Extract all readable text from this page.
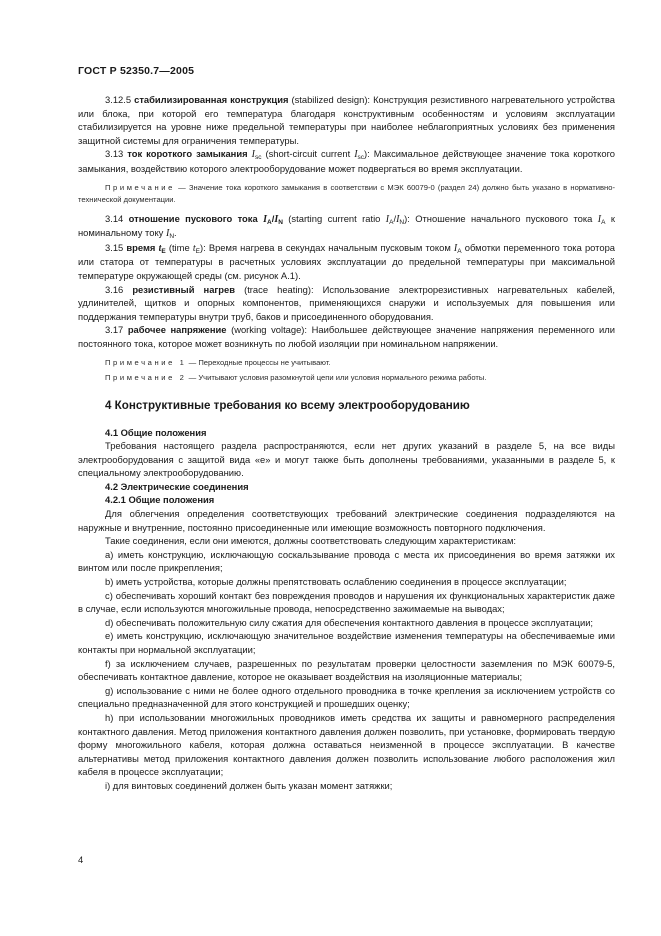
ГОСТ Р 52350.7—2005

3.12.5 стабилизированная конструкция (stabilized design): Конструкция резистивного нагревательного устройства или блока, при которой его температура благодаря конструктивным особенностям и условиям эксплуатации стабилизируется на уровне ниже предельной температуры при наиболее неблагоприятных условиях без применения защитной системы для ограничения температуры.

3.13 ток короткого замыкания $I_{sc}$ (short-circuit current $I_{sc}$): Максимальное действующее значение тока короткого замыкания, воздействию которого электрооборудование может подвергаться во время эксплуатации.

Примечание — Значение тока короткого замыкания в соответствии с МЭК 60079-0 (раздел 24) должно быть указано в нормативно-технической документации.

3.14 отношение пускового тока $I_A/I_N$ (starting current ratio $I_A/I_N$): Отношение начального пускового тока $I_A$ к номинальному току $I_N$.

3.15 время $t_E$ (time $t_E$): Время нагрева в секундах начальным пусковым током $I_A$ обмотки переменного тока ротора или статора от температуры в расчетных условиях эксплуатации до предельной температуры при максимальной температуре окружающей среды (см. рисунок А.1).

3.16 резистивный нагрев (trace heating): Использование электрорезистивных нагревательных кабелей, удлинителей, щитков и опорных компонентов, применяющихся снаружи и используемых для повышения или поддержания температуры внутри труб, баков и присоединенного оборудования.

3.17 рабочее напряжение (working voltage): Наибольшее действующее значение напряжения переменного или постоянного тока, которое может возникнуть по любой изоляции при номинальном напряжении.

Примечание 1 — Переходные процессы не учитывают.

Примечание 2 — Учитывают условия разомкнутой цепи или условия нормального режима работы.

4 Конструктивные требования ко всему электрооборудованию

4.1 Общие положения

Требования настоящего раздела распространяются, если нет других указаний в разделе 5, на все виды электрооборудования с защитой вида «е» и могут также быть дополнены требованиями, указанными в разделе 5, к специальному электрооборудованию.

4.2 Электрические соединения

4.2.1 Общие положения

Для облегчения определения соответствующих требований электрические соединения подразделяются на наружные и внутренние, постоянно присоединенные или имеющие возможность повторного подключения.

Такие соединения, если они имеются, должны соответствовать следующим характеристикам:

a) иметь конструкцию, исключающую соскальзывание провода с места их присоединения во время затяжки их винтом или после прикрепления;

b) иметь устройства, которые должны препятствовать ослаблению соединения в процессе эксплуатации;

c) обеспечивать хороший контакт без повреждения проводов и нарушения их функциональных характеристик даже в случае, если используются многожильные провода, непосредственно зажимаемые на выводах;

d) обеспечивать положительную силу сжатия для обеспечения контактного давления в процессе эксплуатации;

e) иметь конструкцию, исключающую значительное воздействие изменения температуры на обеспечиваемые ими контакты при нормальной эксплуатации;

f) за исключением случаев, разрешенных по результатам проверки целостности заземления по МЭК 60079-5, обеспечивать контактное давление, которое не оказывает воздействия на изоляционные материалы;

g) использование с ними не более одного отдельного проводника в точке крепления за исключением устройств со специально предназначенной для этого конструкцией и прошедших оценку;

h) при использовании многожильных проводников иметь средства их защиты и равномерного распределения контактного давления. Метод приложения контактного давления должен позволить, при установке, формировать твердую форму многожильного кабеля, которая должна оставаться неизменной в процессе эксплуатации. В качестве альтернативы метод приложения контактного давления должен позволить использование любого расположения жил кабеля в процессе эксплуатации;

i) для винтовых соединений должен быть указан момент затяжки;

4
